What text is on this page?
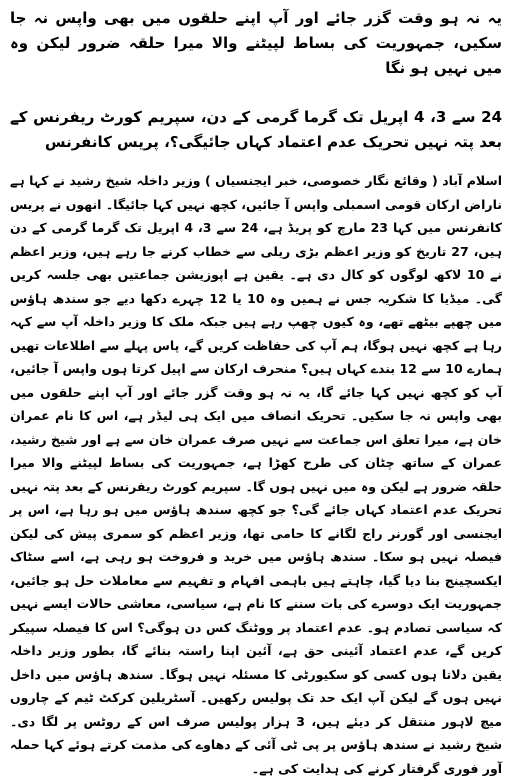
یہ نہ ہو وقت گزر جائے اور آپ اپنے حلقوں میں بھی واپس نہ جا سکیں، جمہوریت کی بساط لپیٹنے والا میرا حلقہ ضرور لیکن وہ میں نہیں ہو نگا

24 سے 3، 4 اپریل تک گرما گرمی کے دن، سپریم کورٹ ریفرنس کے بعد پتہ نہیں تحریک عدم اعتماد کہاں جائیگی؟، پریس کانفرنس

اسلام آباد ( وقائع نگار خصوصی، خبر ایجنسیاں ) وزیر داخلہ شیخ رشید نے کہا ہے ناراض ارکان قومی اسمبلی واپس آ جائیں، کچھ نہیں کہا جائیگا۔ انھوں نے پریس کانفرنس میں کہا 23 مارچ کو پریڈ ہے، 24 سے 3، 4 اپریل تک گرما گرمی کے دن ہیں، 27 تاریخ کو وزیر اعظم بڑی ریلی سے خطاب کرنے جا رہے ہیں، وزیر اعظم نے 10 لاکھ لوگوں کو کال دی ہے۔ یقین ہے اپوزیشن جماعتیں بھی جلسہ کریں گی۔ میڈیا کا شکریہ جس نے ہمیں وہ 10 یا 12 چہرے دکھا دیے جو سندھ ہاؤس میں چھپے بیٹھے تھے، وہ کیوں چھپ رہے ہیں جبکہ ملک کا وزیر داخلہ آپ سے کہہ رہا ہے کچھ نہیں ہوگا، ہم آپ کی حفاظت کریں گے، پاس پہلے سے اطلاعات تھیں ہمارے 10 سے 12 بندے کہاں ہیں؟ منحرف ارکان سے اپیل کرتا ہوں واپس آ جائیں، آپ کو کچھ نہیں کہا جائے گا، یہ نہ ہو وقت گزر جائے اور آپ اپنے حلقوں میں بھی واپس نہ جا سکیں۔ تحریک انصاف میں ایک ہی لیڈر ہے، اس کا نام عمران خان ہے، میرا تعلق اس جماعت سے نہیں صرف عمران خان سے ہے اور شیخ رشید، عمران کے ساتھ چٹان کی طرح کھڑا ہے، جمہوریت کی بساط لپیٹنے والا میرا حلقہ ضرور ہے لیکن وہ میں نہیں ہوں گا۔ سپریم کورٹ ریفرنس کے بعد پتہ نہیں تحریک عدم اعتماد کہاں جائے گی؟ جو کچھ سندھ ہاؤس میں ہو رہا ہے، اس پر ایجنسی اور گورنر راج لگانے کا حامی تھا، وزیر اعظم کو سمری پیش کی لیکن فیصلہ نہیں ہو سکا۔ سندھ ہاؤس میں خرید و فروخت ہو رہی ہے، اسے سٹاک ایکسچینج بنا دیا گیا، چاہتے ہیں باہمی افہام و تفہیم سے معاملات حل ہو جائیں، جمہوریت ایک دوسرے کی بات سننے کا نام ہے، سیاسی، معاشی حالات ایسے نہیں کہ سیاسی تصادم ہو۔ عدم اعتماد پر ووٹنگ کس دن ہوگی؟ اس کا فیصلہ سپیکر کریں گے، عدم اعتماد آئینی حق ہے، آئین اپنا راستہ بنائے گا، بطور وزیر داخلہ یقین دلاتا ہوں کسی کو سکیورٹی کا مسئلہ نہیں ہوگا۔ سندھ ہاؤس میں داخل نہیں ہوں گے لیکن آپ ایک حد تک پولیس رکھیں۔ آسٹریلین کرکٹ ٹیم کے چاروں میچ لاہور منتقل کر دیئے ہیں، 3 ہزار پولیس صرف اس کے روٹس پر لگا دی۔ شیخ رشید نے سندھ ہاؤس پر پی ٹی آئی کے دھاوے کی مذمت کرتے ہوئے کہا حملہ آور فوری گرفتار کرنے کی ہدایت کی ہے۔
